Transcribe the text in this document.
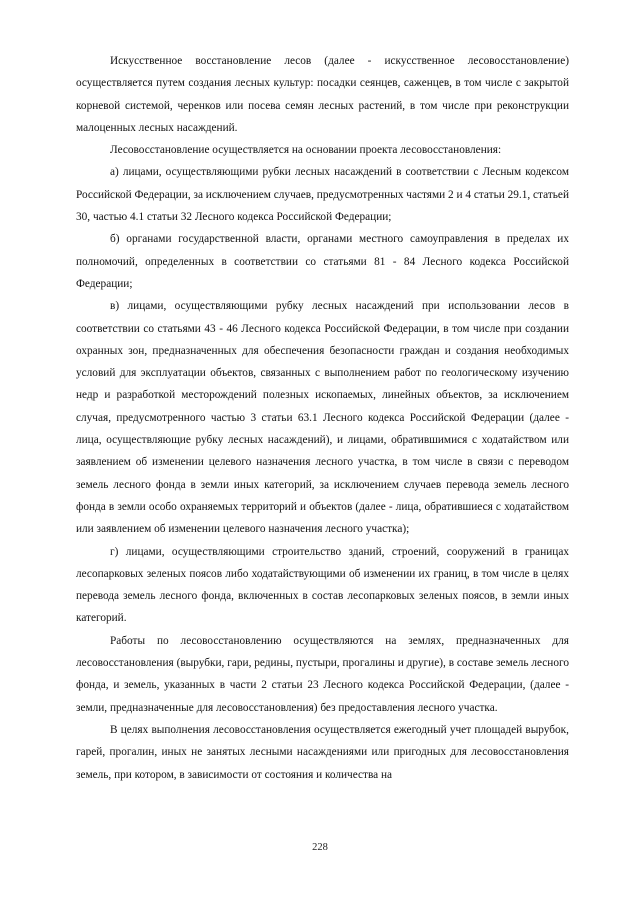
Искусственное восстановление лесов (далее - искусственное лесовосстановление) осуществляется путем создания лесных культур: посадки сеянцев, саженцев, в том числе с закрытой корневой системой, черенков или посева семян лесных растений, в том числе при реконструкции малоценных лесных насаждений.

Лесовосстановление осуществляется на основании проекта лесовосстановления:

а) лицами, осуществляющими рубки лесных насаждений в соответствии с Лесным кодексом Российской Федерации, за исключением случаев, предусмотренных частями 2 и 4 статьи 29.1, статьей 30, частью 4.1 статьи 32 Лесного кодекса Российской Федерации;

б) органами государственной власти, органами местного самоуправления в пределах их полномочий, определенных в соответствии со статьями 81 - 84 Лесного кодекса Российской Федерации;

в) лицами, осуществляющими рубку лесных насаждений при использовании лесов в соответствии со статьями 43 - 46 Лесного кодекса Российской Федерации, в том числе при создании охранных зон, предназначенных для обеспечения безопасности граждан и создания необходимых условий для эксплуатации объектов, связанных с выполнением работ по геологическому изучению недр и разработкой месторождений полезных ископаемых, линейных объектов, за исключением случая, предусмотренного частью 3 статьи 63.1 Лесного кодекса Российской Федерации (далее - лица, осуществляющие рубку лесных насаждений), и лицами, обратившимися с ходатайством или заявлением об изменении целевого назначения лесного участка, в том числе в связи с переводом земель лесного фонда в земли иных категорий, за исключением случаев перевода земель лесного фонда в земли особо охраняемых территорий и объектов (далее - лица, обратившиеся с ходатайством или заявлением об изменении целевого назначения лесного участка);

г) лицами, осуществляющими строительство зданий, строений, сооружений в границах лесопарковых зеленых поясов либо ходатайствующими об изменении их границ, в том числе в целях перевода земель лесного фонда, включенных в состав лесопарковых зеленых поясов, в земли иных категорий.

Работы по лесовосстановлению осуществляются на землях, предназначенных для лесовосстановления (вырубки, гари, редины, пустыри, прогалины и другие), в составе земель лесного фонда, и земель, указанных в части 2 статьи 23 Лесного кодекса Российской Федерации, (далее - земли, предназначенные для лесовосстановления) без предоставления лесного участка.

В целях выполнения лесовосстановления осуществляется ежегодный учет площадей вырубок, гарей, прогалин, иных не занятых лесными насаждениями или пригодных для лесовосстановления земель, при котором, в зависимости от состояния и количества на

228
